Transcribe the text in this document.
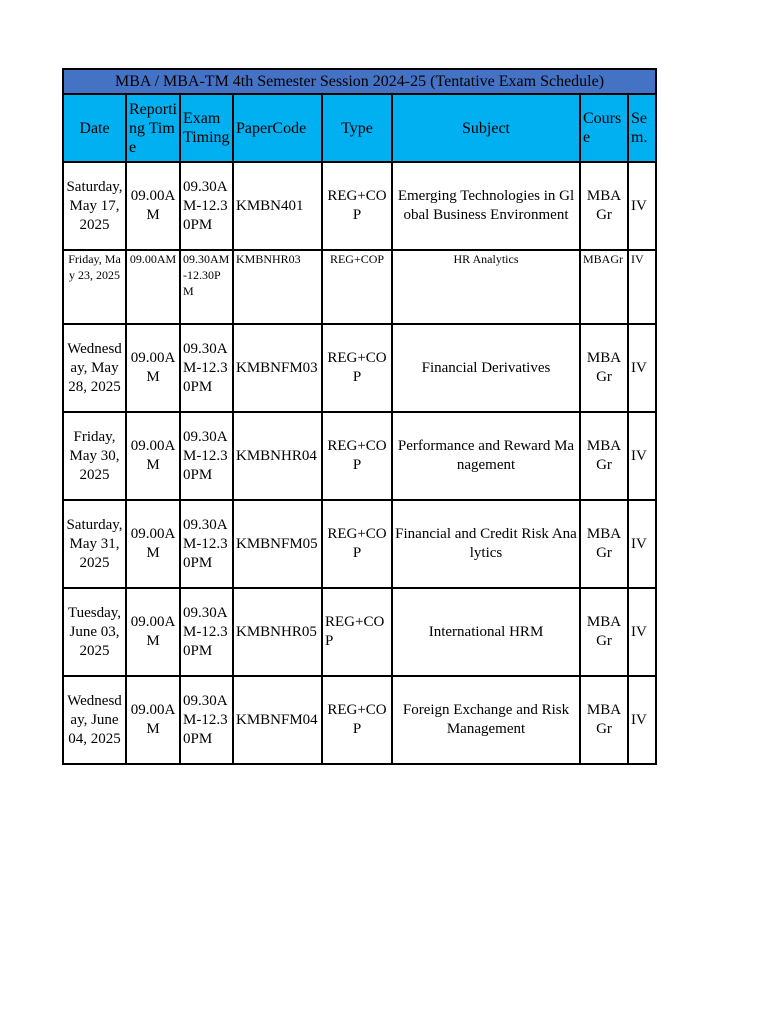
MBA / MBA-TM 4th Semester Session 2024-25 (Tentative Exam Schedule)							
Date	Reporting Time	Exam Timing	PaperCode	Type	Subject	Course	Sem.
Saturday, May 17, 2025	09.00AM	09.30AM-12.30PM	KMBN401	REG+COP	Emerging Technologies in Global Business Environment	MBA Gr	IV
Friday, May 23, 2025	09.00AM	09.30AM-12.30PM	KMBNHR03	REG+COP	HR Analytics	MBAGr	IV
Wednesday, May 28, 2025	09.00AM	09.30AM-12.30PM	KMBNFM03	REG+COP	Financial Derivatives	MBA Gr	IV
Friday, May 30, 2025	09.00AM	09.30AM-12.30PM	KMBNHR04	REG+COP	Performance and Reward Management	MBA Gr	IV
Saturday, May 31, 2025	09.00AM	09.30AM-12.30PM	KMBNFM05	REG+COP	Financial and Credit Risk Analytics	MBA Gr	IV
Tuesday, June 03, 2025	09.00AM	09.30AM-12.30PM	KMBNHR05	REG+COP	International HRM	MBAGr	IV
Wednesday, June 04, 2025	09.00AM	09.30AM-12.30PM	KMBNFM04	REG+COP	Foreign Exchange and Risk Management	MBA Gr	IV
